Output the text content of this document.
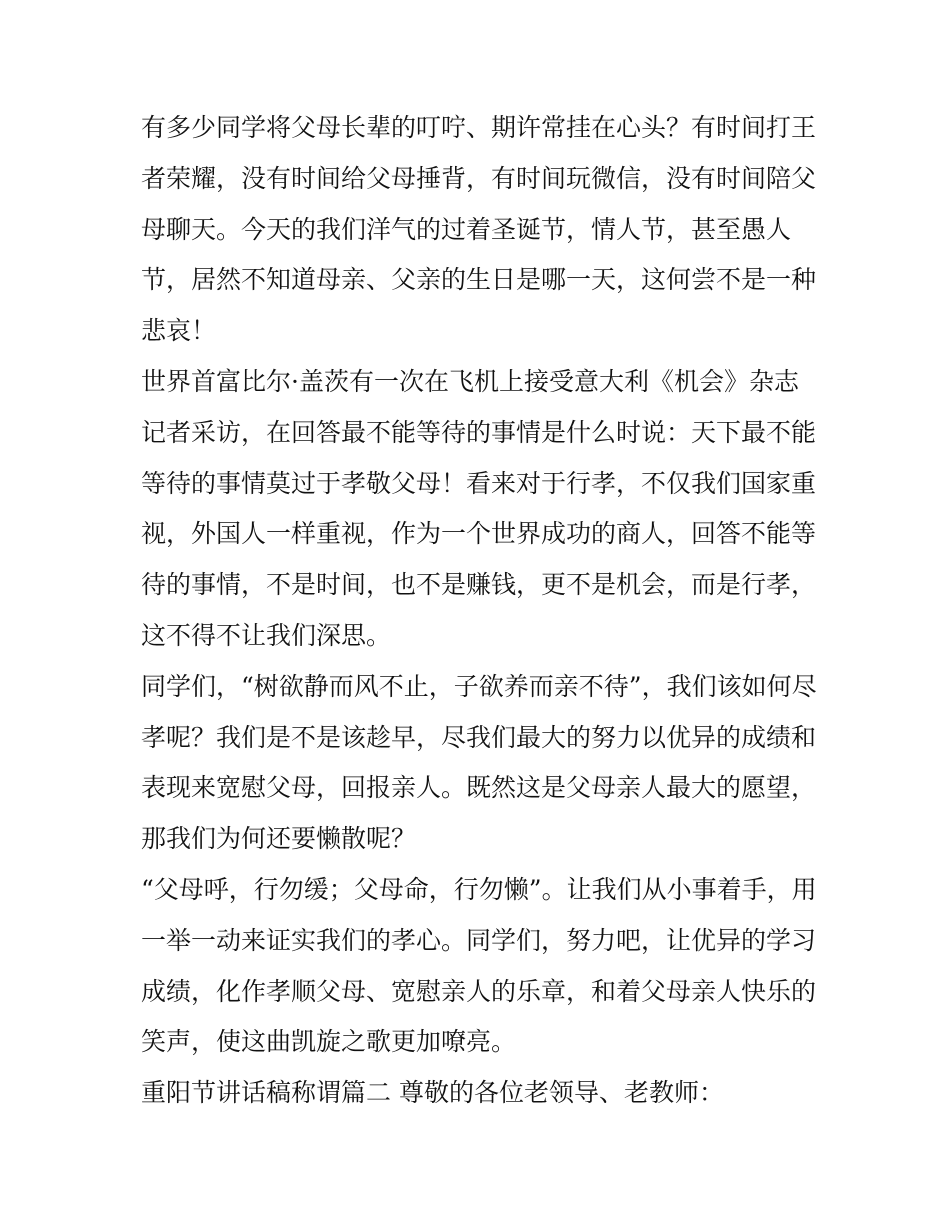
有多少同学将父母长辈的叮咛、期许常挂在心头？有时间打王
者荣耀，没有时间给父母捶背，有时间玩微信，没有时间陪父
母聊天。今天的我们洋气的过着圣诞节，情人节，甚至愚人
节，居然不知道母亲、父亲的生日是哪一天，这何尝不是一种
悲哀！

世界首富比尔·盖茨有一次在飞机上接受意大利《机会》杂志
记者采访，在回答最不能等待的事情是什么时说：天下最不能
等待的事情莫过于孝敬父母！看来对于行孝，不仅我们国家重
视，外国人一样重视，作为一个世界成功的商人，回答不能等
待的事情，不是时间，也不是赚钱，更不是机会，而是行孝，
这不得不让我们深思。

同学们，“树欲静而风不止，子欲养而亲不待”，我们该如何尽
孝呢？我们是不是该趁早，尽我们最大的努力以优异的成绩和
表现来宽慰父母，回报亲人。既然这是父母亲人最大的愿望，
那我们为何还要懒散呢？

“父母呼，行勿缓；父母命，行勿懒”。让我们从小事着手，用
一举一动来证实我们的孝心。同学们，努力吧，让优异的学习
成绩，化作孝顺父母、宽慰亲人的乐章，和着父母亲人快乐的
笑声，使这曲凯旋之歌更加嘹亮。

重阳节讲话稿称谓篇二 尊敬的各位老领导、老教师：
